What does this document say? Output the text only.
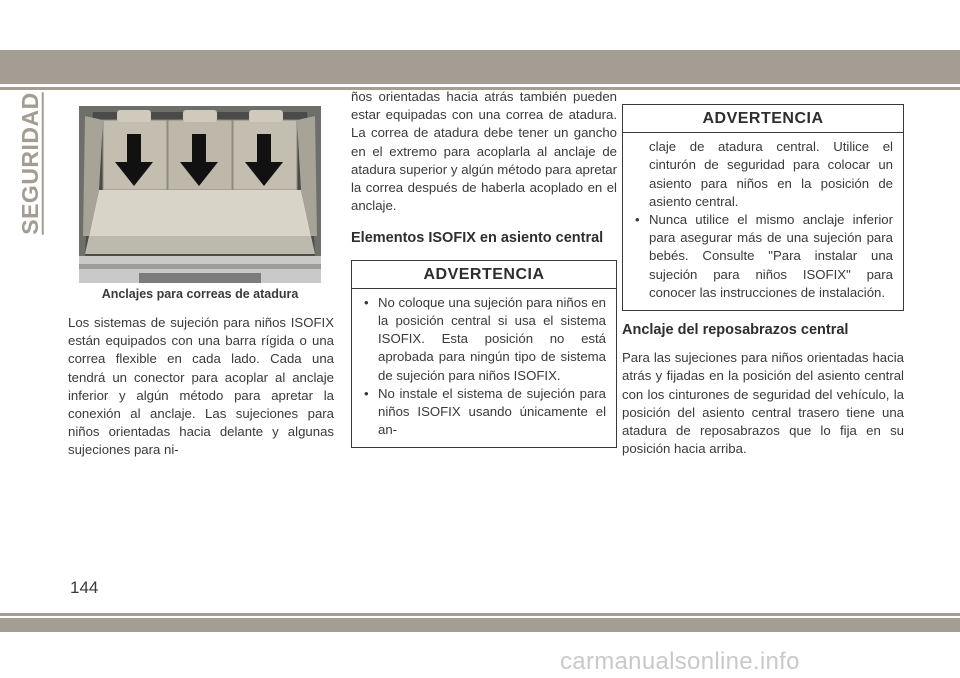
SEGURIDAD
Anclajes para correas de atadura

Los sistemas de sujeción para niños ISOFIX están equipados con una barra rígida o una correa flexible en cada lado. Cada una tendrá un conector para acoplar al anclaje inferior y algún método para apretar la conexión al anclaje. Las sujeciones para niños orientadas hacia delante y algunas sujeciones para ni-

ños orientadas hacia atrás también pueden estar equipadas con una correa de atadura. La correa de atadura debe tener un gancho en el extremo para acoplarla al anclaje de atadura superior y algún método para apretar la correa después de haberla acoplado en el anclaje.

Elementos ISOFIX en asiento central
ADVERTENCIA
• No coloque una sujeción para niños en la posición central si usa el sistema ISOFIX. Esta posición no está aprobada para ningún tipo de sistema de sujeción para niños ISOFIX.
• No instale el sistema de sujeción para niños ISOFIX usando únicamente el an-
ADVERTENCIA
claje de atadura central. Utilice el cinturón de seguridad para colocar un asiento para niños en la posición de asiento central.
• Nunca utilice el mismo anclaje inferior para asegurar más de una sujeción para bebés. Consulte "Para instalar una sujeción para niños ISOFIX" para conocer las instrucciones de instalación.
Anclaje del reposabrazos central

Para las sujeciones para niños orientadas hacia atrás y fijadas en la posición del asiento central con los cinturones de seguridad del vehículo, la posición del asiento central trasero tiene una atadura de reposabrazos que lo fija en su posición hacia arriba.

144
carmanualsonline.info
